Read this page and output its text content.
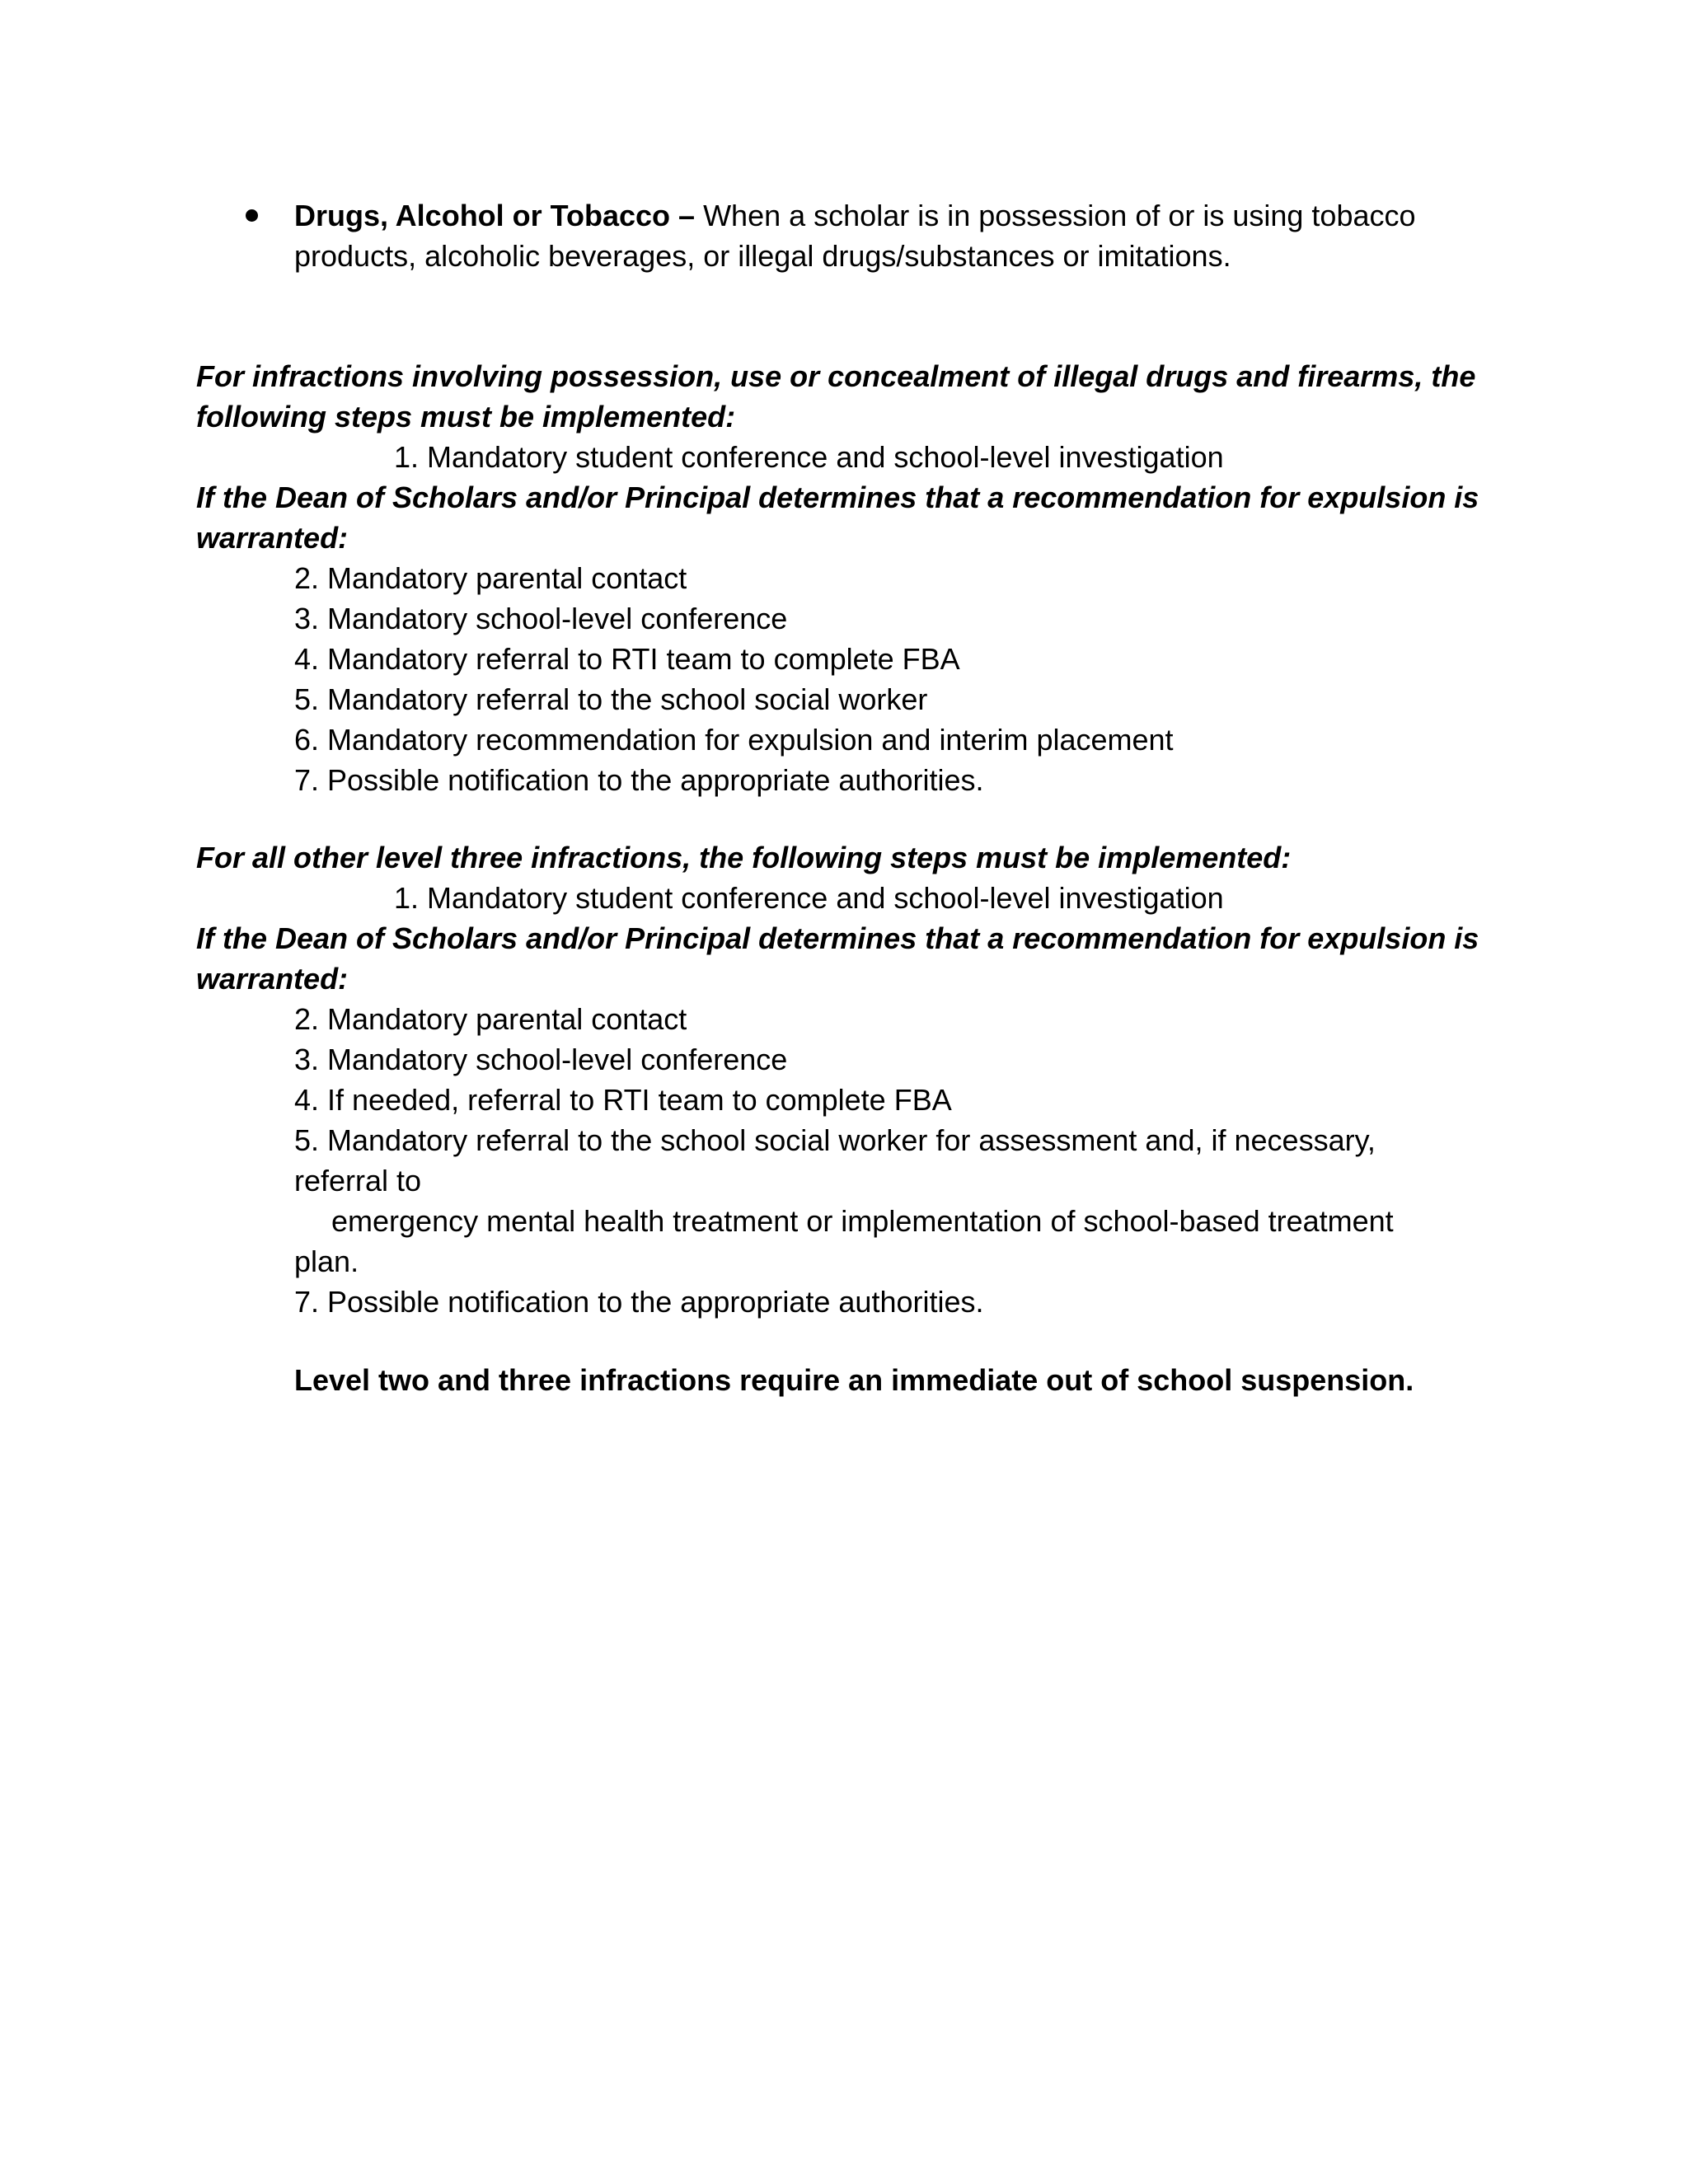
Drugs, Alcohol or Tobacco – When a scholar is in possession of or is using tobacco
products, alcoholic beverages, or illegal drugs/substances or imitations.
For infractions involving possession, use or concealment of illegal drugs and firearms, the
following steps must be implemented:
1. Mandatory student conference and school-level investigation
If the Dean of Scholars and/or Principal determines that a recommendation for expulsion is
warranted:
2. Mandatory parental contact
3. Mandatory school-level conference
4. Mandatory referral to RTI team to complete FBA
5. Mandatory referral to the school social worker
6. Mandatory recommendation for expulsion and interim placement
7. Possible notification to the appropriate authorities.
For all other level three infractions, the following steps must be implemented:
1. Mandatory student conference and school-level investigation
If the Dean of Scholars and/or Principal determines that a recommendation for expulsion is
warranted:
2. Mandatory parental contact
3. Mandatory school-level conference
4. If needed, referral to RTI team to complete FBA
5. Mandatory referral to the school social worker for assessment and, if necessary,
referral to
emergency mental health treatment or implementation of school-based treatment
plan.
7. Possible notification to the appropriate authorities.
Level two and three infractions require an immediate out of school suspension.
